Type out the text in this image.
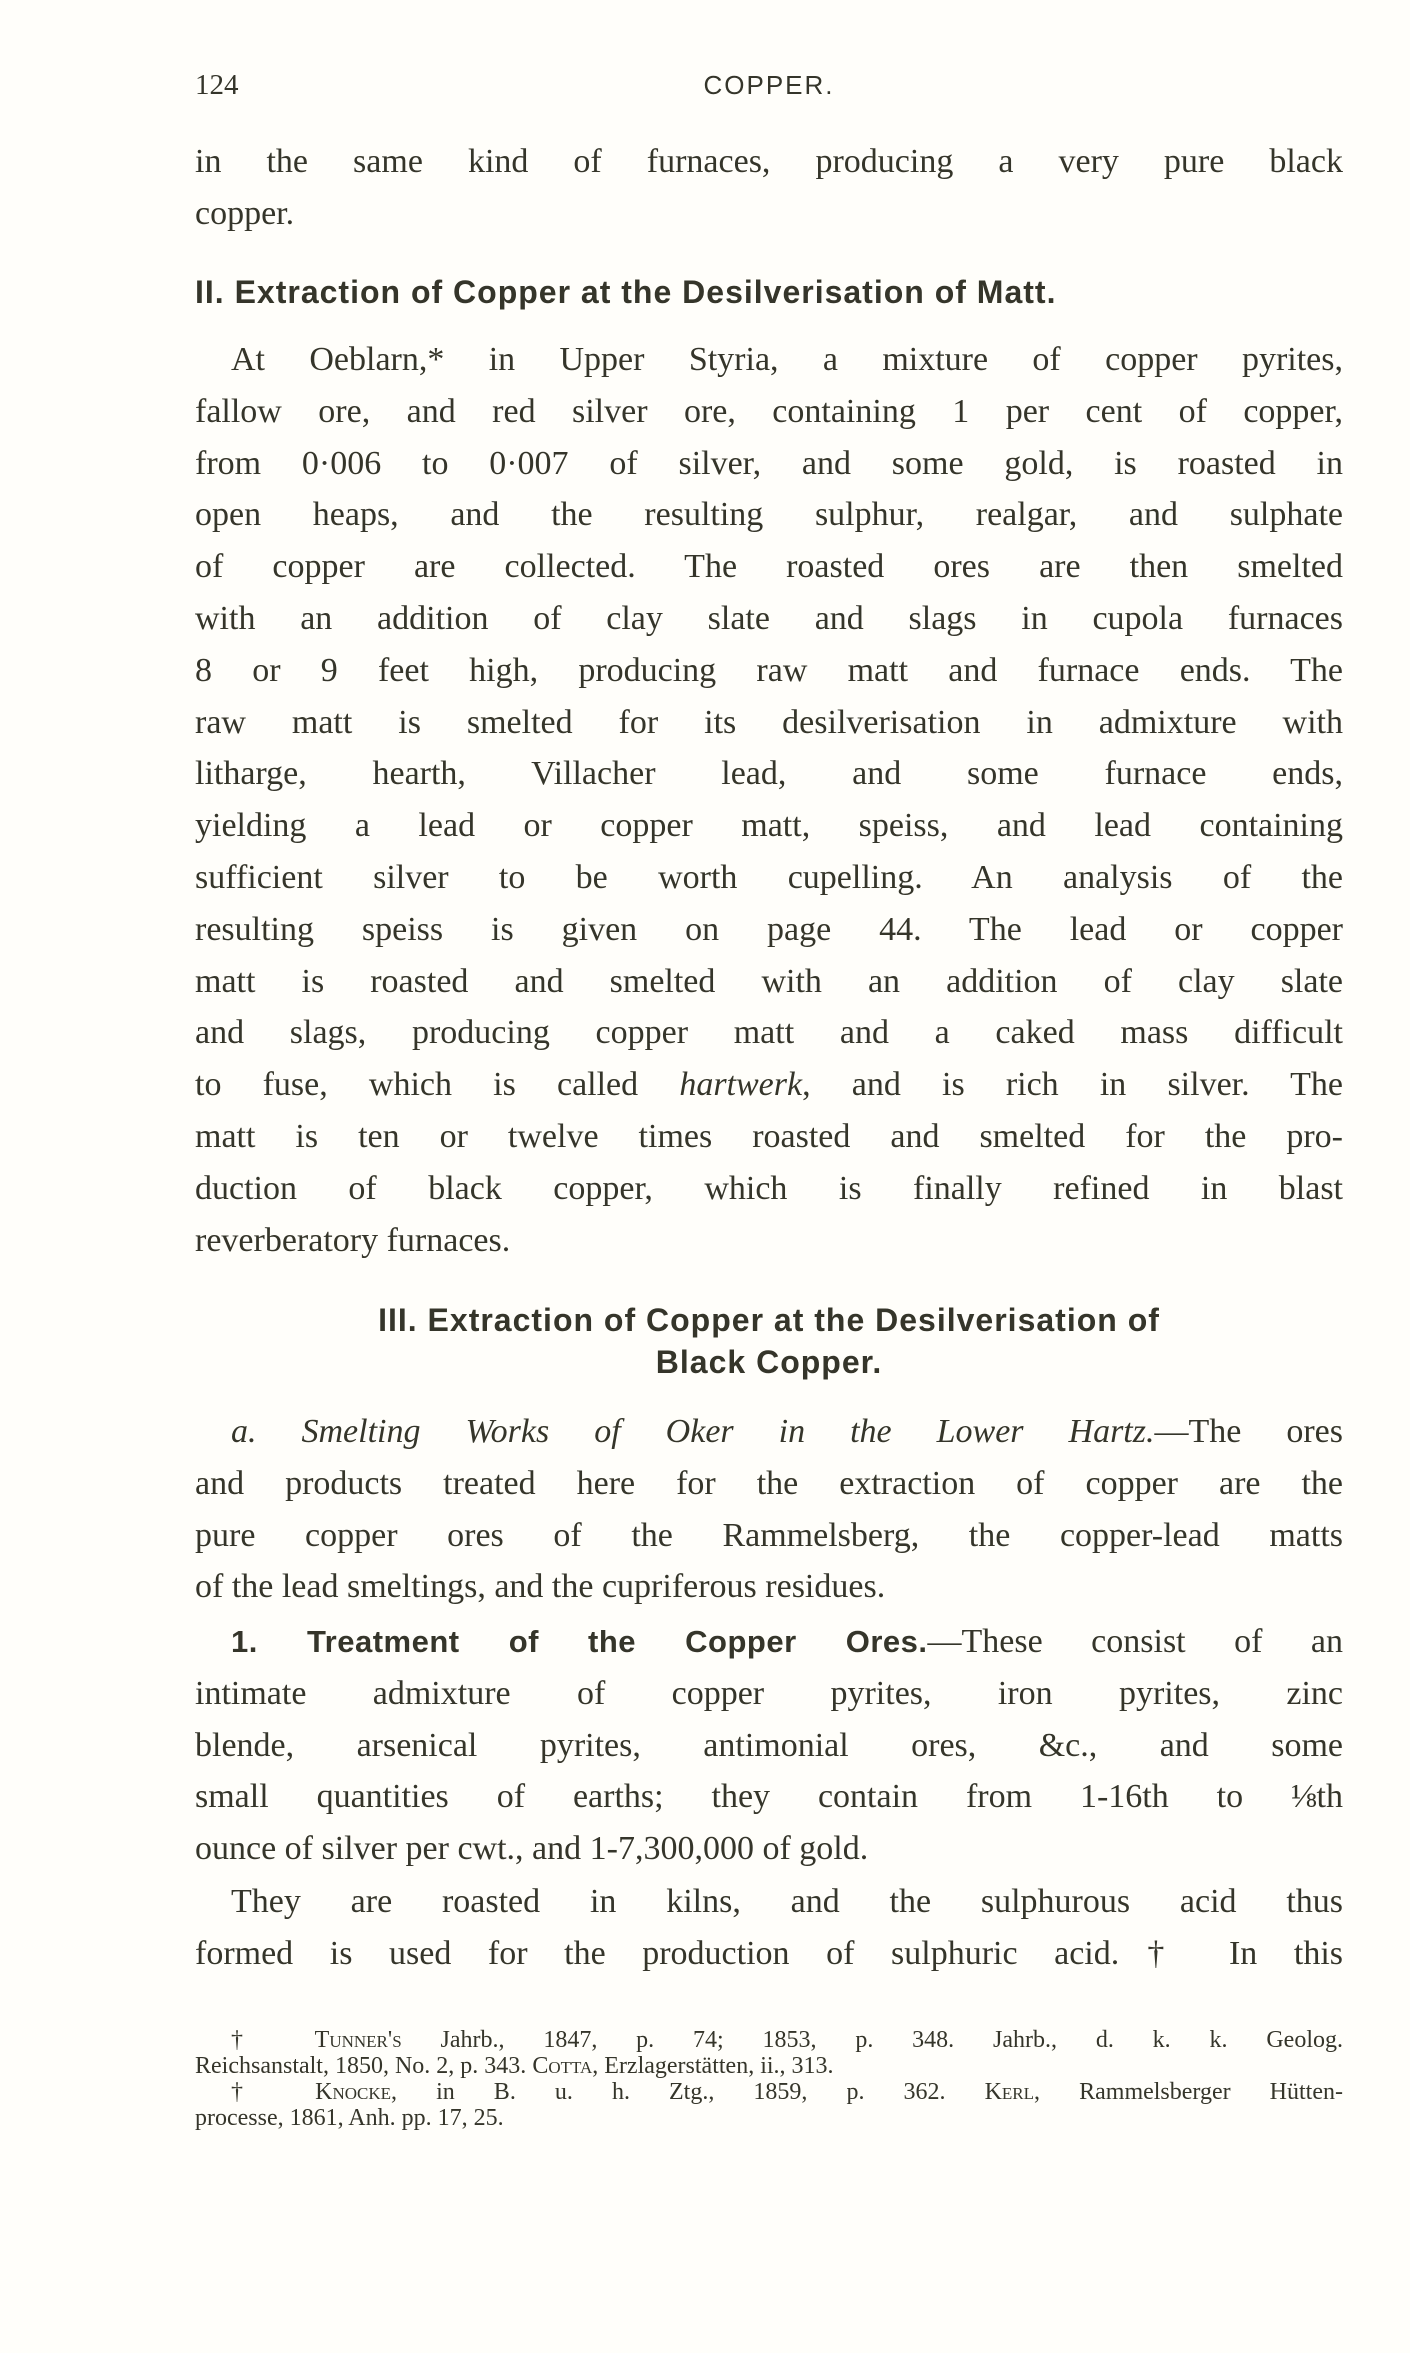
124	COPPER.
in the same kind of furnaces, producing a very pure black
copper.
II. Extraction of Copper at the Desilverisation of Matt.
At Oeblarn,* in Upper Styria, a mixture of copper pyrites,
fallow ore, and red silver ore, containing 1 per cent of copper,
from 0·006 to 0·007 of silver, and some gold, is roasted in
open heaps, and the resulting sulphur, realgar, and sulphate
of copper are collected. The roasted ores are then smelted
with an addition of clay slate and slags in cupola furnaces
8 or 9 feet high, producing raw matt and furnace ends. The
raw matt is smelted for its desilverisation in admixture with
litharge, hearth, Villacher lead, and some furnace ends,
yielding a lead or copper matt, speiss, and lead containing
sufficient silver to be worth cupelling. An analysis of the
resulting speiss is given on page 44. The lead or copper
matt is roasted and smelted with an addition of clay slate
and slags, producing copper matt and a caked mass difficult
to fuse, which is called hartwerk, and is rich in silver. The
matt is ten or twelve times roasted and smelted for the pro-
duction of black copper, which is finally refined in blast
reverberatory furnaces.
III. Extraction of Copper at the Desilverisation of
Black Copper.
a. Smelting Works of Oker in the Lower Hartz.—The ores
and products treated here for the extraction of copper are the
pure copper ores of the Rammelsberg, the copper-lead matts
of the lead smeltings, and the cupriferous residues.
1. Treatment of the Copper Ores.—These consist of an
intimate admixture of copper pyrites, iron pyrites, zinc
blende, arsenical pyrites, antimonial ores, &c., and some
small quantities of earths; they contain from 1-16th to ⅛th
ounce of silver per cwt., and 1-7,300,000 of gold.
They are roasted in kilns, and the sulphurous acid thus
formed is used for the production of sulphuric acid.† In this
† Tunner's Jahrb., 1847, p. 74; 1853, p. 348. Jahrb., d. k. k. Geolog.
Reichsanstalt, 1850, No. 2, p. 343. Cotta, Erzlagerstätten, ii., 313.
† Knocke, in B. u. h. Ztg., 1859, p. 362. Kerl, Rammelsberger Hütten-
processe, 1861, Anh. pp. 17, 25.
